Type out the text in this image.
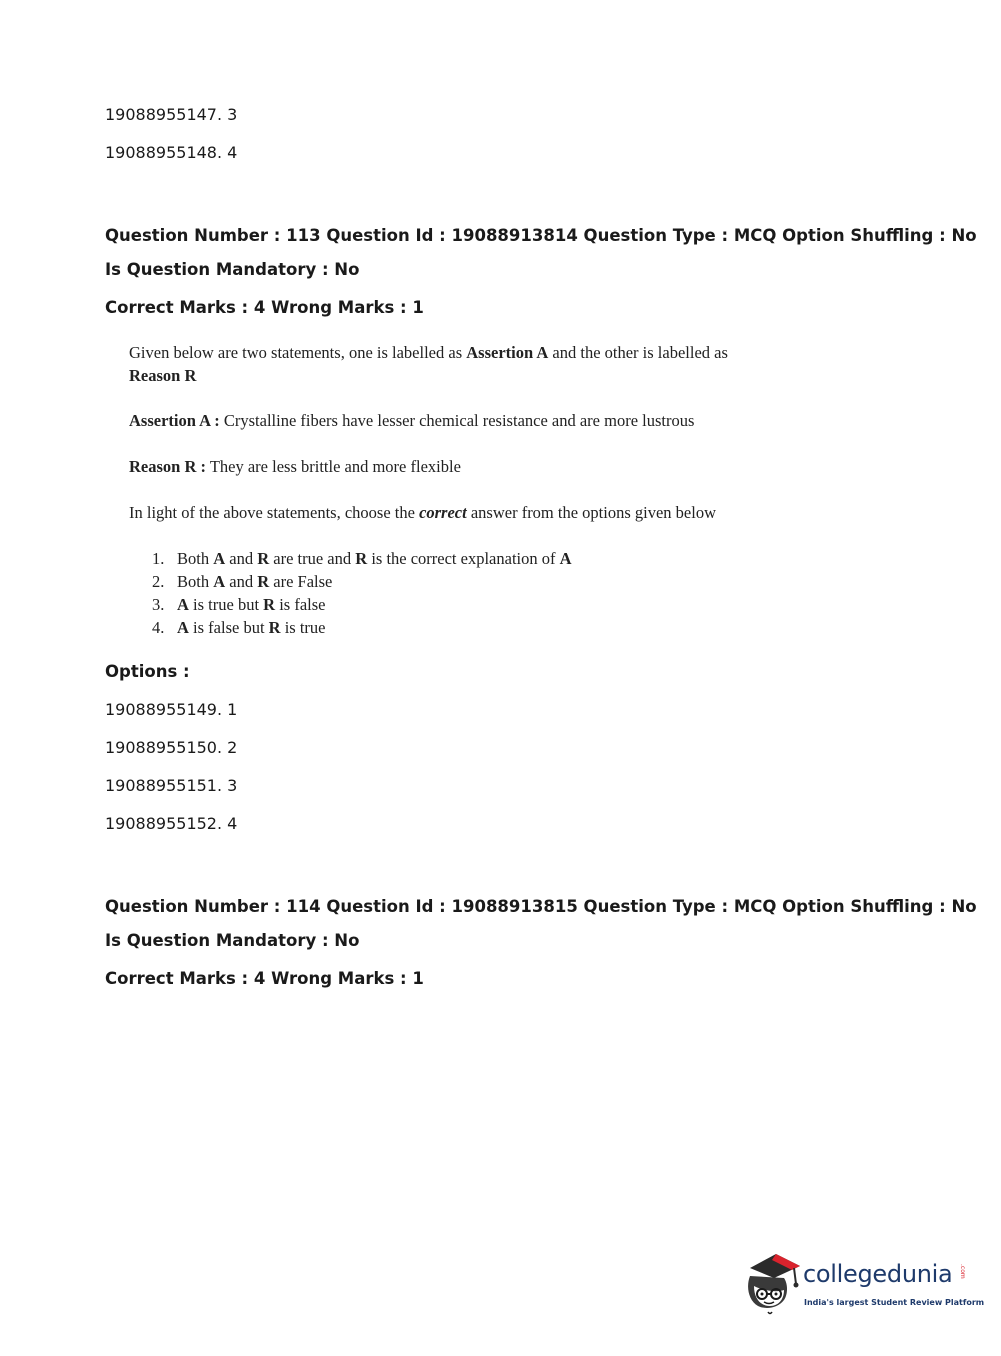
19088955147. 3
19088955148. 4
Question Number : 113 Question Id : 19088913814 Question Type : MCQ Option Shuffling : No
Is Question Mandatory : No
Correct Marks : 4 Wrong Marks : 1
Given below are two statements, one is labelled as Assertion A and the other is labelled as
Reason R
Assertion A : Crystalline fibers have lesser chemical resistance and are more lustrous
Reason R : They are less brittle and more flexible
In light of the above statements, choose the correct answer from the options given below
1. Both A and R are true and R is the correct explanation of A
2. Both A and R are False
3. A is true but R is false
4. A is false but R is true
Options :
19088955149. 1
19088955150. 2
19088955151. 3
19088955152. 4
Question Number : 114 Question Id : 19088913815 Question Type : MCQ Option Shuffling : No
Is Question Mandatory : No
Correct Marks : 4 Wrong Marks : 1
collegedunia .com
India's largest Student Review Platform
